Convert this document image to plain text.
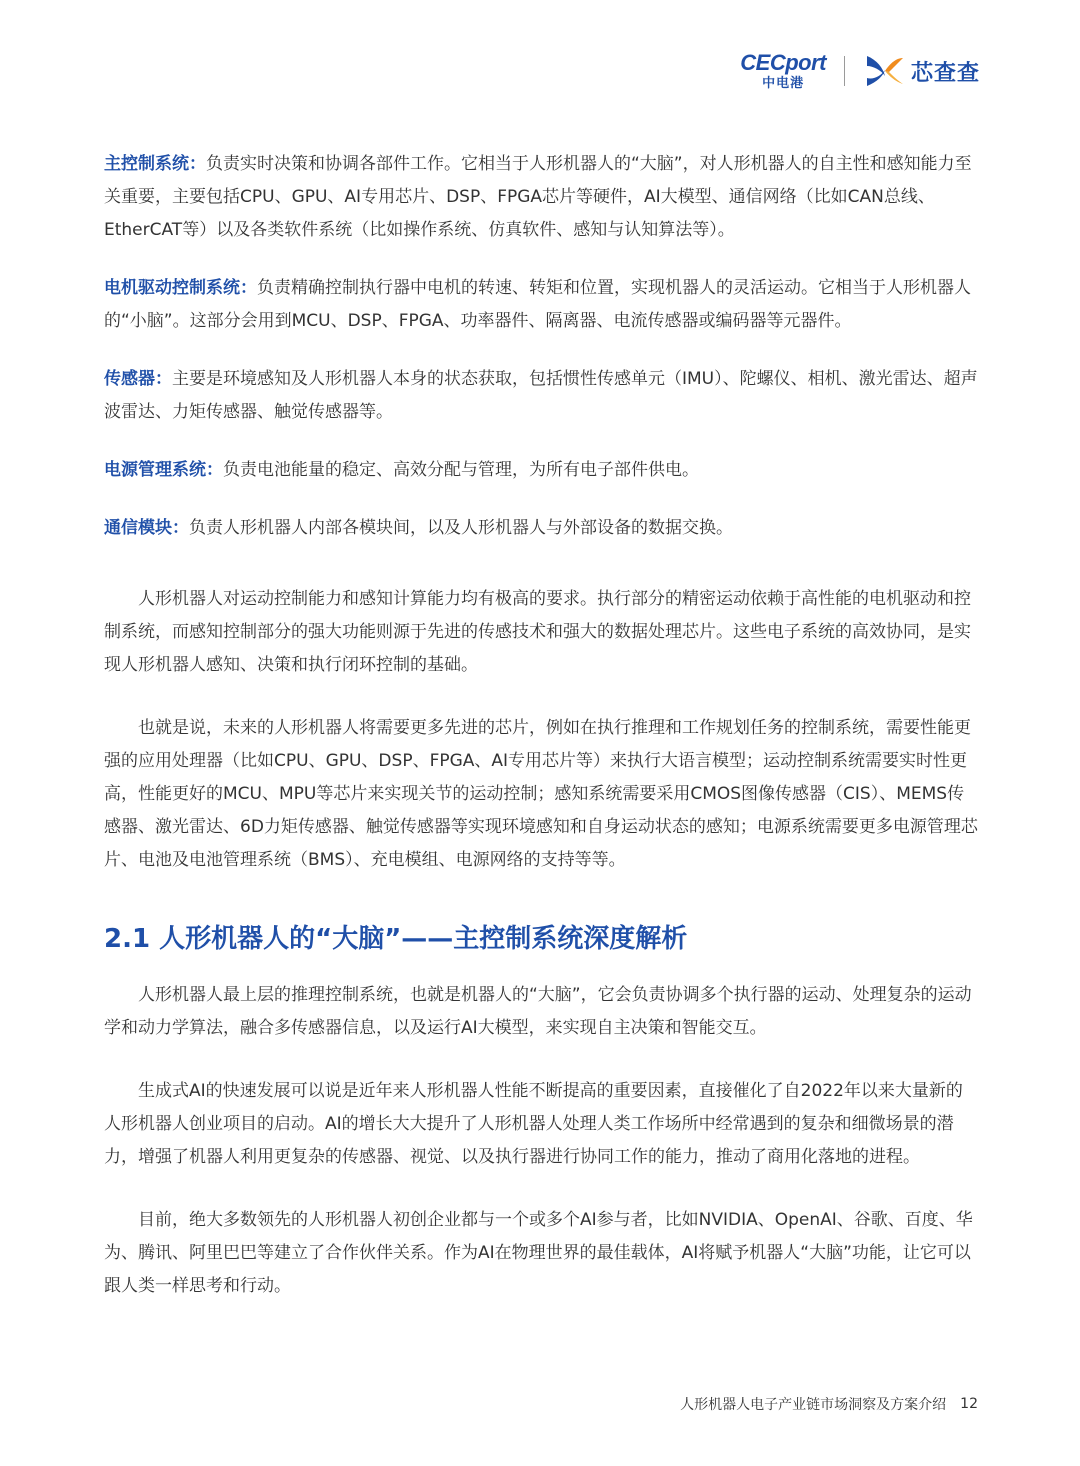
CECport
中电港	芯查查

主控制系统：负责实时决策和协调各部件工作。它相当于人形机器人的“大脑”，对人形机器人的自主性和感知能力至关重要，主要包括CPU、GPU、AI专用芯片、DSP、FPGA芯片等硬件，AI大模型、通信网络（比如CAN总线、EtherCAT等）以及各类软件系统（比如操作系统、仿真软件、感知与认知算法等）。

电机驱动控制系统：负责精确控制执行器中电机的转速、转矩和位置，实现机器人的灵活运动。它相当于人形机器人的“小脑”。这部分会用到MCU、DSP、FPGA、功率器件、隔离器、电流传感器或编码器等元器件。

传感器：主要是环境感知及人形机器人本身的状态获取，包括惯性传感单元（IMU）、陀螺仪、相机、激光雷达、超声波雷达、力矩传感器、触觉传感器等。

电源管理系统：负责电池能量的稳定、高效分配与管理，为所有电子部件供电。

通信模块：负责人形机器人内部各模块间，以及人形机器人与外部设备的数据交换。

人形机器人对运动控制能力和感知计算能力均有极高的要求。执行部分的精密运动依赖于高性能的电机驱动和控制系统，而感知控制部分的强大功能则源于先进的传感技术和强大的数据处理芯片。这些电子系统的高效协同，是实现人形机器人感知、决策和执行闭环控制的基础。

也就是说，未来的人形机器人将需要更多先进的芯片，例如在执行推理和工作规划任务的控制系统，需要性能更强的应用处理器（比如CPU、GPU、DSP、FPGA、AI专用芯片等）来执行大语言模型；运动控制系统需要实时性更高，性能更好的MCU、MPU等芯片来实现关节的运动控制；感知系统需要采用CMOS图像传感器（CIS）、MEMS传感器、激光雷达、6D力矩传感器、触觉传感器等实现环境感知和自身运动状态的感知；电源系统需要更多电源管理芯片、电池及电池管理系统（BMS）、充电模组、电源网络的支持等等。

2.1 人形机器人的“大脑”——主控制系统深度解析

人形机器人最上层的推理控制系统，也就是机器人的“大脑”，它会负责协调多个执行器的运动、处理复杂的运动学和动力学算法，融合多传感器信息，以及运行AI大模型，来实现自主决策和智能交互。

生成式AI的快速发展可以说是近年来人形机器人性能不断提高的重要因素，直接催化了自2022年以来大量新的人形机器人创业项目的启动。AI的增长大大提升了人形机器人处理人类工作场所中经常遇到的复杂和细微场景的潜力，增强了机器人利用更复杂的传感器、视觉、以及执行器进行协同工作的能力，推动了商用化落地的进程。

目前，绝大多数领先的人形机器人初创企业都与一个或多个AI参与者，比如NVIDIA、OpenAI、谷歌、百度、华为、腾讯、阿里巴巴等建立了合作伙伴关系。作为AI在物理世界的最佳载体，AI将赋予机器人“大脑”功能，让它可以跟人类一样思考和行动。

人形机器人电子产业链市场洞察及方案介绍 12
